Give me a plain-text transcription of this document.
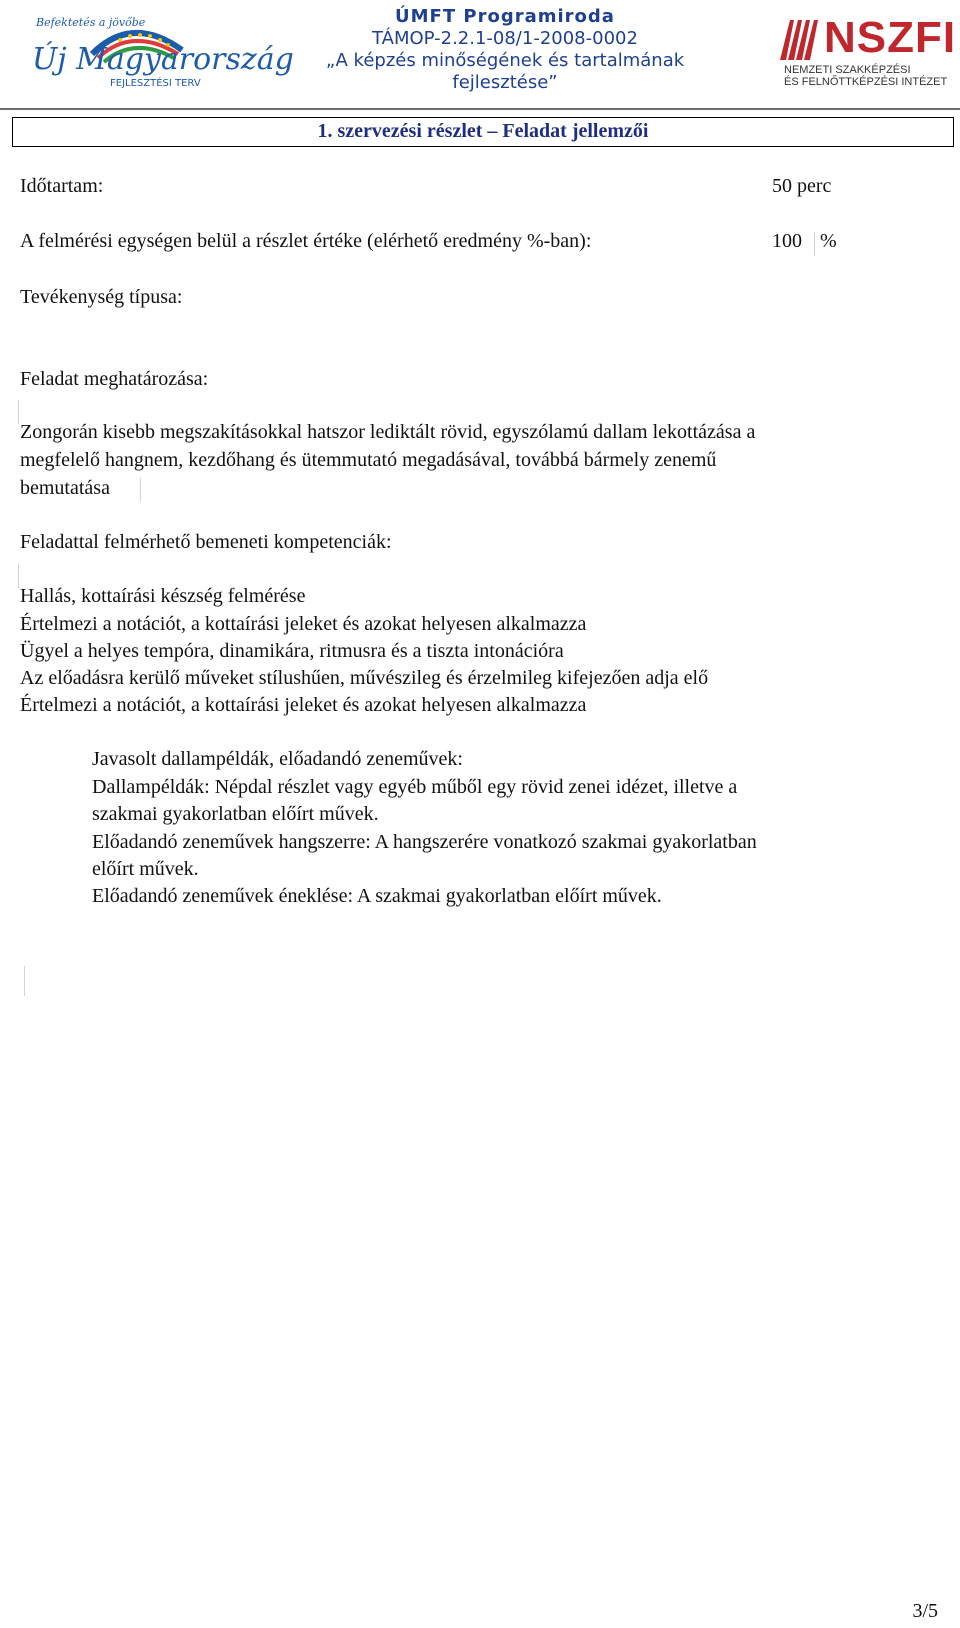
Befektetés a jövőbe
Új Magyarország
FEJLESZTÉSI TERV
ÚMFT Programiroda
TÁMOP-2.2.1-08/1-2008-0002
„A képzés minőségének és tartalmának
fejlesztése”
NSZFI
NEMZETI SZAKKÉPZÉSI
ÉS FELNŐTTKÉPZÉSI INTÉZET
1. szervezési részlet – Feladat jellemzői
Időtartam:	50 perc
A felmérési egységen belül a részlet értéke (elérhető eredmény %-ban):	100 %
Tevékenység típusa:
Feladat meghatározása:
Zongorán kisebb megszakításokkal hatszor lediktált rövid, egyszólamú dallam lekottázása a
megfelelő hangnem, kezdőhang és ütemmutató megadásával, továbbá bármely zenemű
bemutatása
Feladattal felmérhető bemeneti kompetenciák:
Hallás, kottaírási készség felmérése
Értelmezi a notációt, a kottaírási jeleket és azokat helyesen alkalmazza
Ügyel a helyes tempóra, dinamikára, ritmusra és a tiszta intonációra
Az előadásra kerülő műveket stílushűen, művészileg és érzelmileg kifejezően adja elő
Értelmezi a notációt, a kottaírási jeleket és azokat helyesen alkalmazza
Javasolt dallampéldák, előadandó zeneművek:
Dallampéldák: Népdal részlet vagy egyéb műből egy rövid zenei idézet, illetve a
szakmai gyakorlatban előírt művek.
Előadandó zeneművek hangszerre: A hangszerére vonatkozó szakmai gyakorlatban
előírt művek.
Előadandó zeneművek éneklése: A szakmai gyakorlatban előírt művek.
3/5
